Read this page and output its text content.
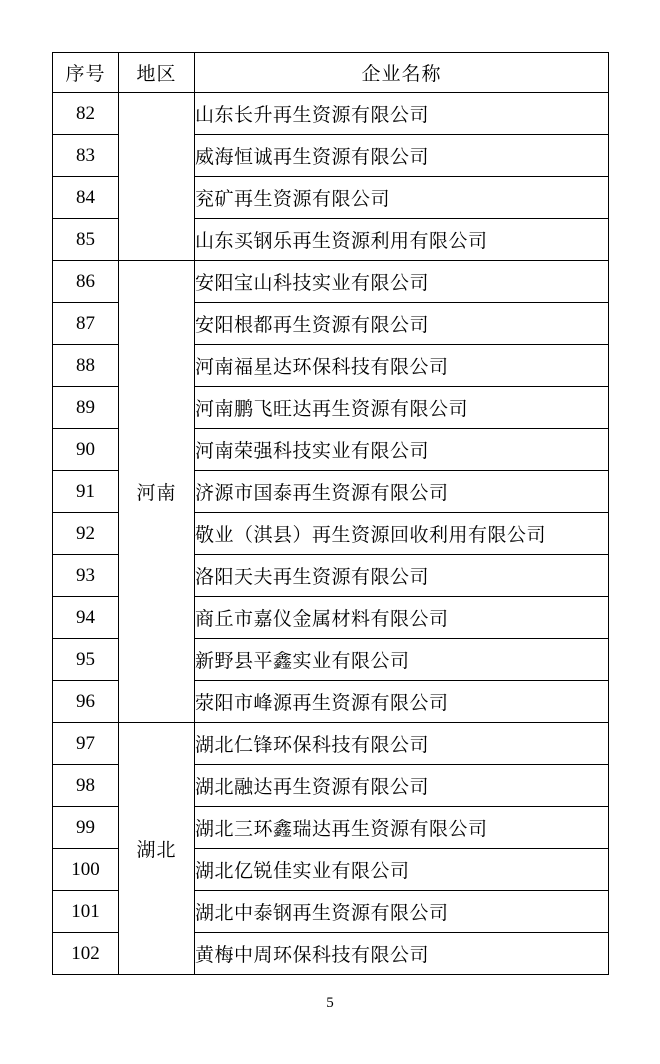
序号	地区	企业名称
82		山东长升再生资源有限公司
83		威海恒诚再生资源有限公司
84		兖矿再生资源有限公司
85		山东买钢乐再生资源利用有限公司
86	河南	安阳宝山科技实业有限公司
87		安阳根都再生资源有限公司
88		河南福星达环保科技有限公司
89		河南鹏飞旺达再生资源有限公司
90		河南荣强科技实业有限公司
91		济源市国泰再生资源有限公司
92		敬业（淇县）再生资源回收利用有限公司
93		洛阳天夫再生资源有限公司
94		商丘市嘉仪金属材料有限公司
95		新野县平鑫实业有限公司
96		荥阳市峰源再生资源有限公司
97	湖北	湖北仁锋环保科技有限公司
98		湖北融达再生资源有限公司
99		湖北三环鑫瑞达再生资源有限公司
100		湖北亿锐佳实业有限公司
101		湖北中泰钢再生资源有限公司
102		黄梅中周环保科技有限公司
5
